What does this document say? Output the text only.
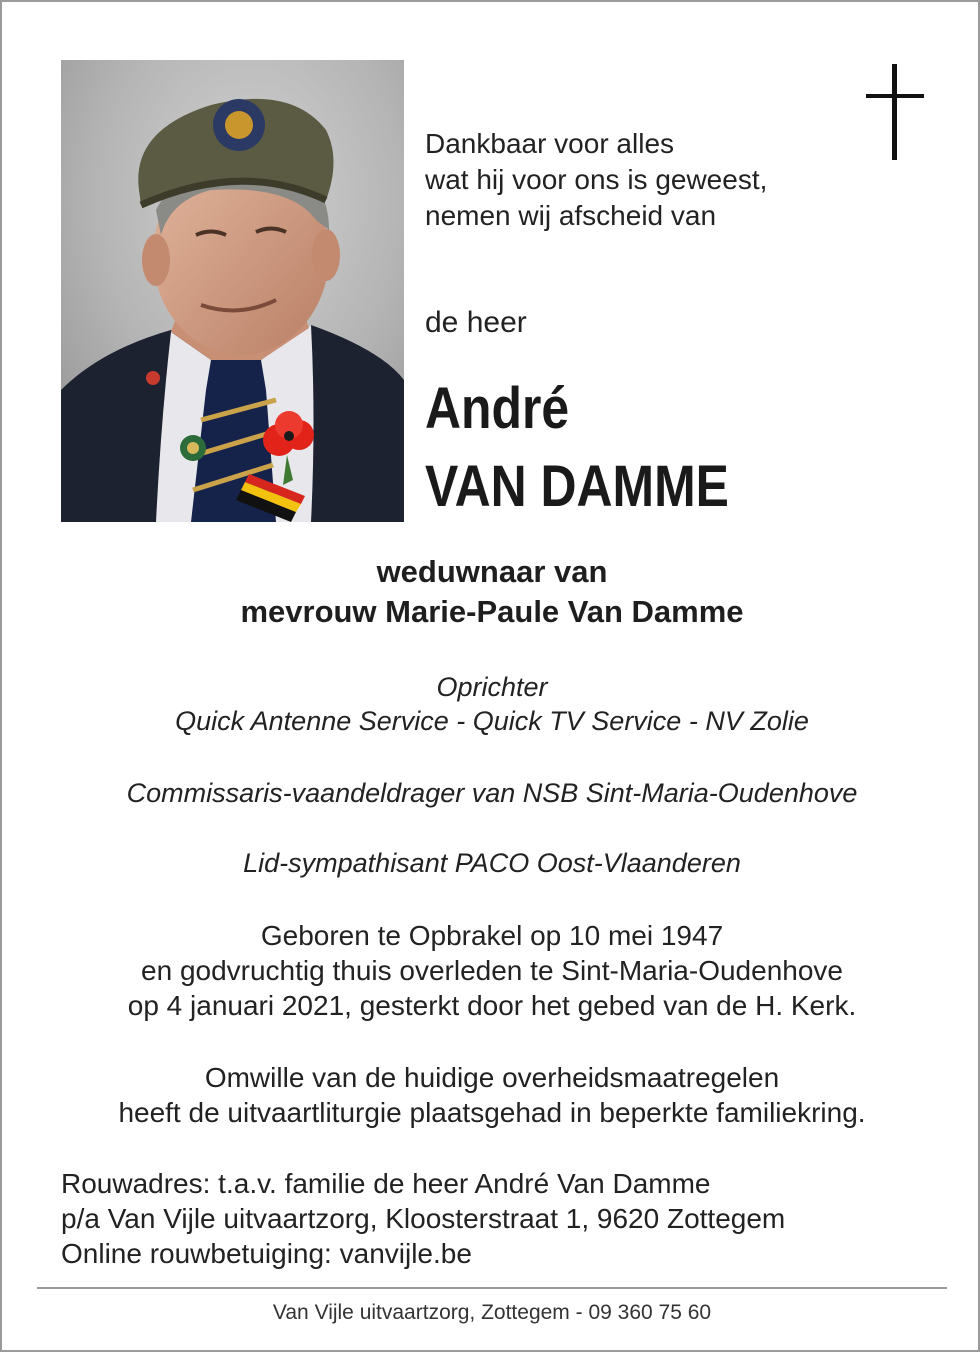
Dankbaar voor alles
wat hij voor ons is geweest,
nemen wij afscheid van
de heer
André
VAN DAMME
weduwnaar van
mevrouw Marie-Paule Van Damme
Oprichter
Quick Antenne Service - Quick TV Service - NV Zolie
Commissaris-vaandeldrager van NSB Sint-Maria-Oudenhove
Lid-sympathisant PACO Oost-Vlaanderen
Geboren te Opbrakel op 10 mei 1947
en godvruchtig thuis overleden te Sint-Maria-Oudenhove
op 4 januari 2021, gesterkt door het gebed van de H. Kerk.
Omwille van de huidige overheidsmaatregelen
heeft de uitvaartliturgie plaatsgehad in beperkte familiekring.
Rouwadres: t.a.v. familie de heer André Van Damme
p/a Van Vijle uitvaartzorg, Kloosterstraat 1, 9620 Zottegem
Online rouwbetuiging: vanvijle.be
Van Vijle uitvaartzorg, Zottegem - 09 360 75 60
